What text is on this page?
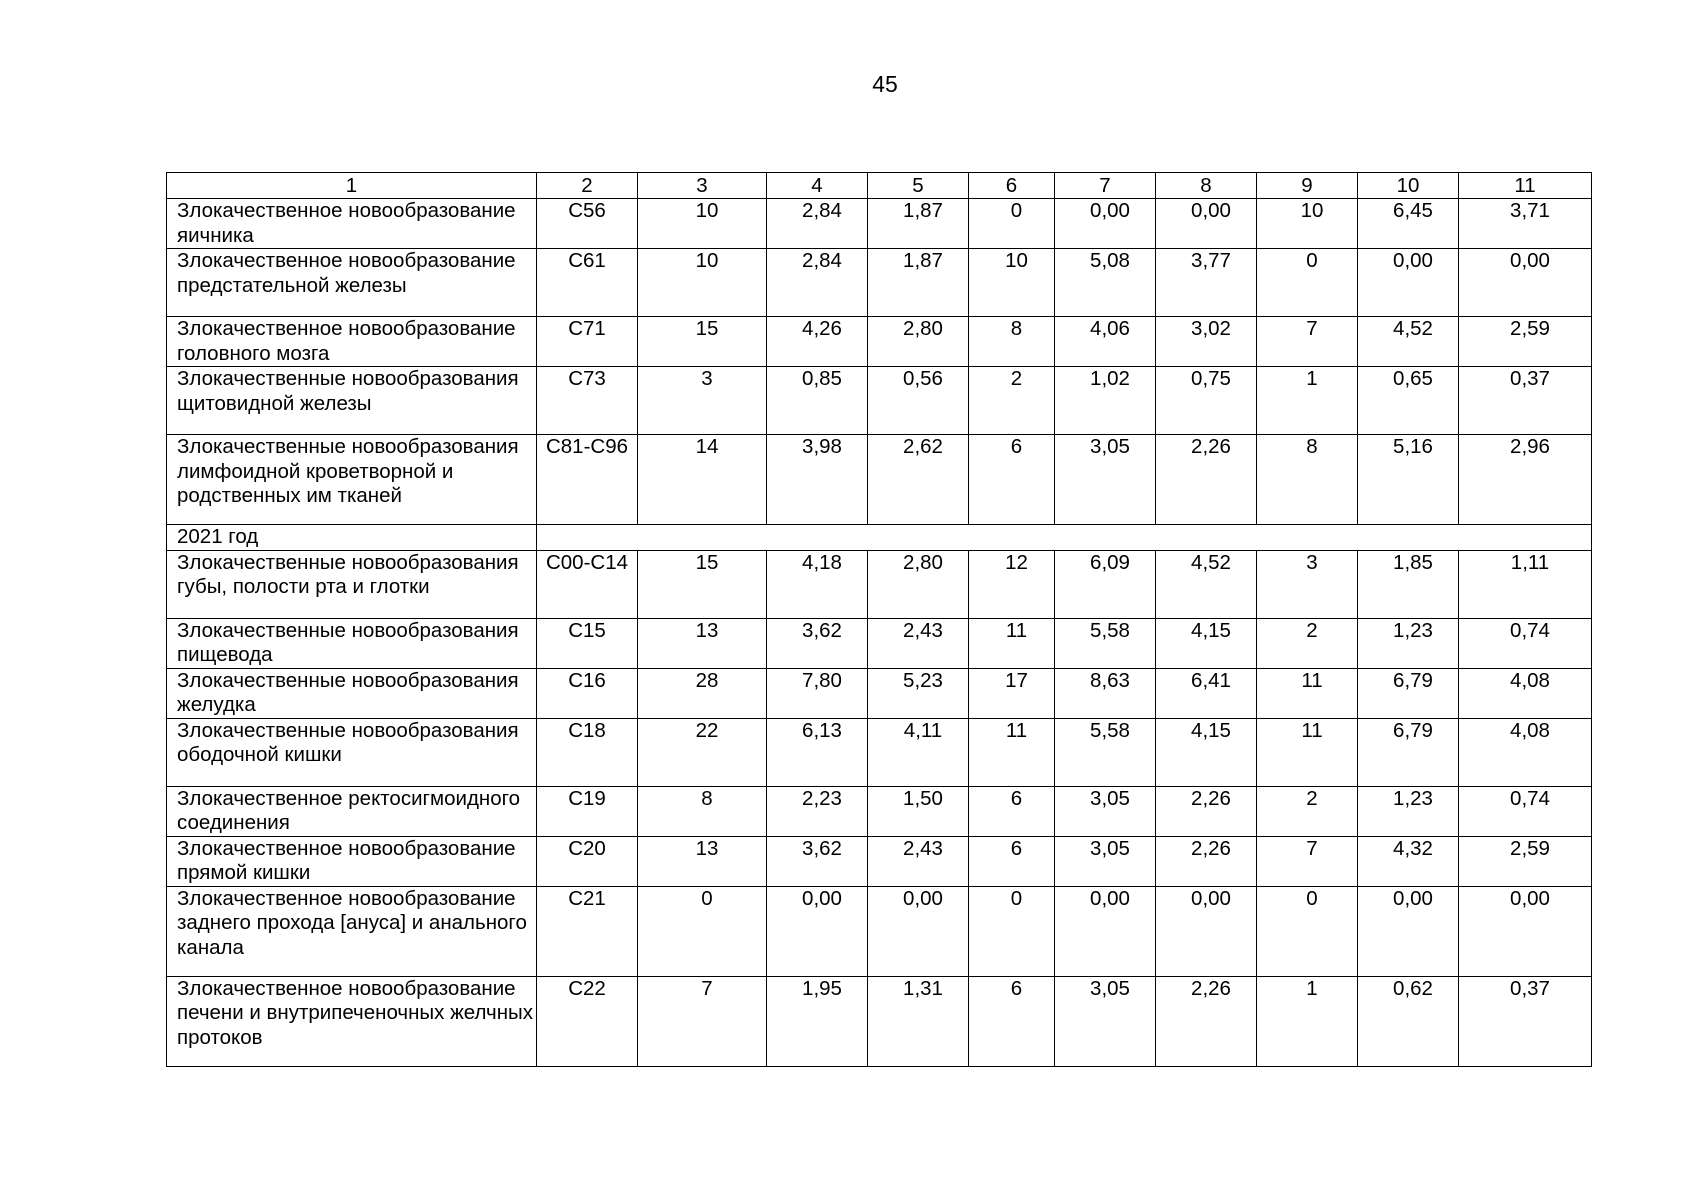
45
1	2	3	4	5	6	7	8	9	10	11
Злокачественное новообразование яичника	C56	10	2,84	1,87	0	0,00	0,00	10	6,45	3,71
Злокачественное новообразование предстательной железы	C61	10	2,84	1,87	10	5,08	3,77	0	0,00	0,00
Злокачественное новообразование головного мозга	C71	15	4,26	2,80	8	4,06	3,02	7	4,52	2,59
Злокачественные новообразования щитовидной железы	C73	3	0,85	0,56	2	1,02	0,75	1	0,65	0,37
Злокачественные новообразования лимфоидной кроветворной и родственных им тканей	C81-C96	14	3,98	2,62	6	3,05	2,26	8	5,16	2,96
2021 год										
Злокачественные новообразования губы, полости рта и глотки	C00-C14	15	4,18	2,80	12	6,09	4,52	3	1,85	1,11
Злокачественные новообразования пищевода	C15	13	3,62	2,43	11	5,58	4,15	2	1,23	0,74
Злокачественные новообразования желудка	C16	28	7,80	5,23	17	8,63	6,41	11	6,79	4,08
Злокачественные новообразования ободочной кишки	C18	22	6,13	4,11	11	5,58	4,15	11	6,79	4,08
Злокачественное ректосигмоидного соединения	C19	8	2,23	1,50	6	3,05	2,26	2	1,23	0,74
Злокачественное новообразование прямой кишки	C20	13	3,62	2,43	6	3,05	2,26	7	4,32	2,59
Злокачественное новообразование заднего прохода [ануса] и анального канала	C21	0	0,00	0,00	0	0,00	0,00	0	0,00	0,00
Злокачественное новообразование печени и внутрипеченочных желчных протоков	C22	7	1,95	1,31	6	3,05	2,26	1	0,62	0,37
